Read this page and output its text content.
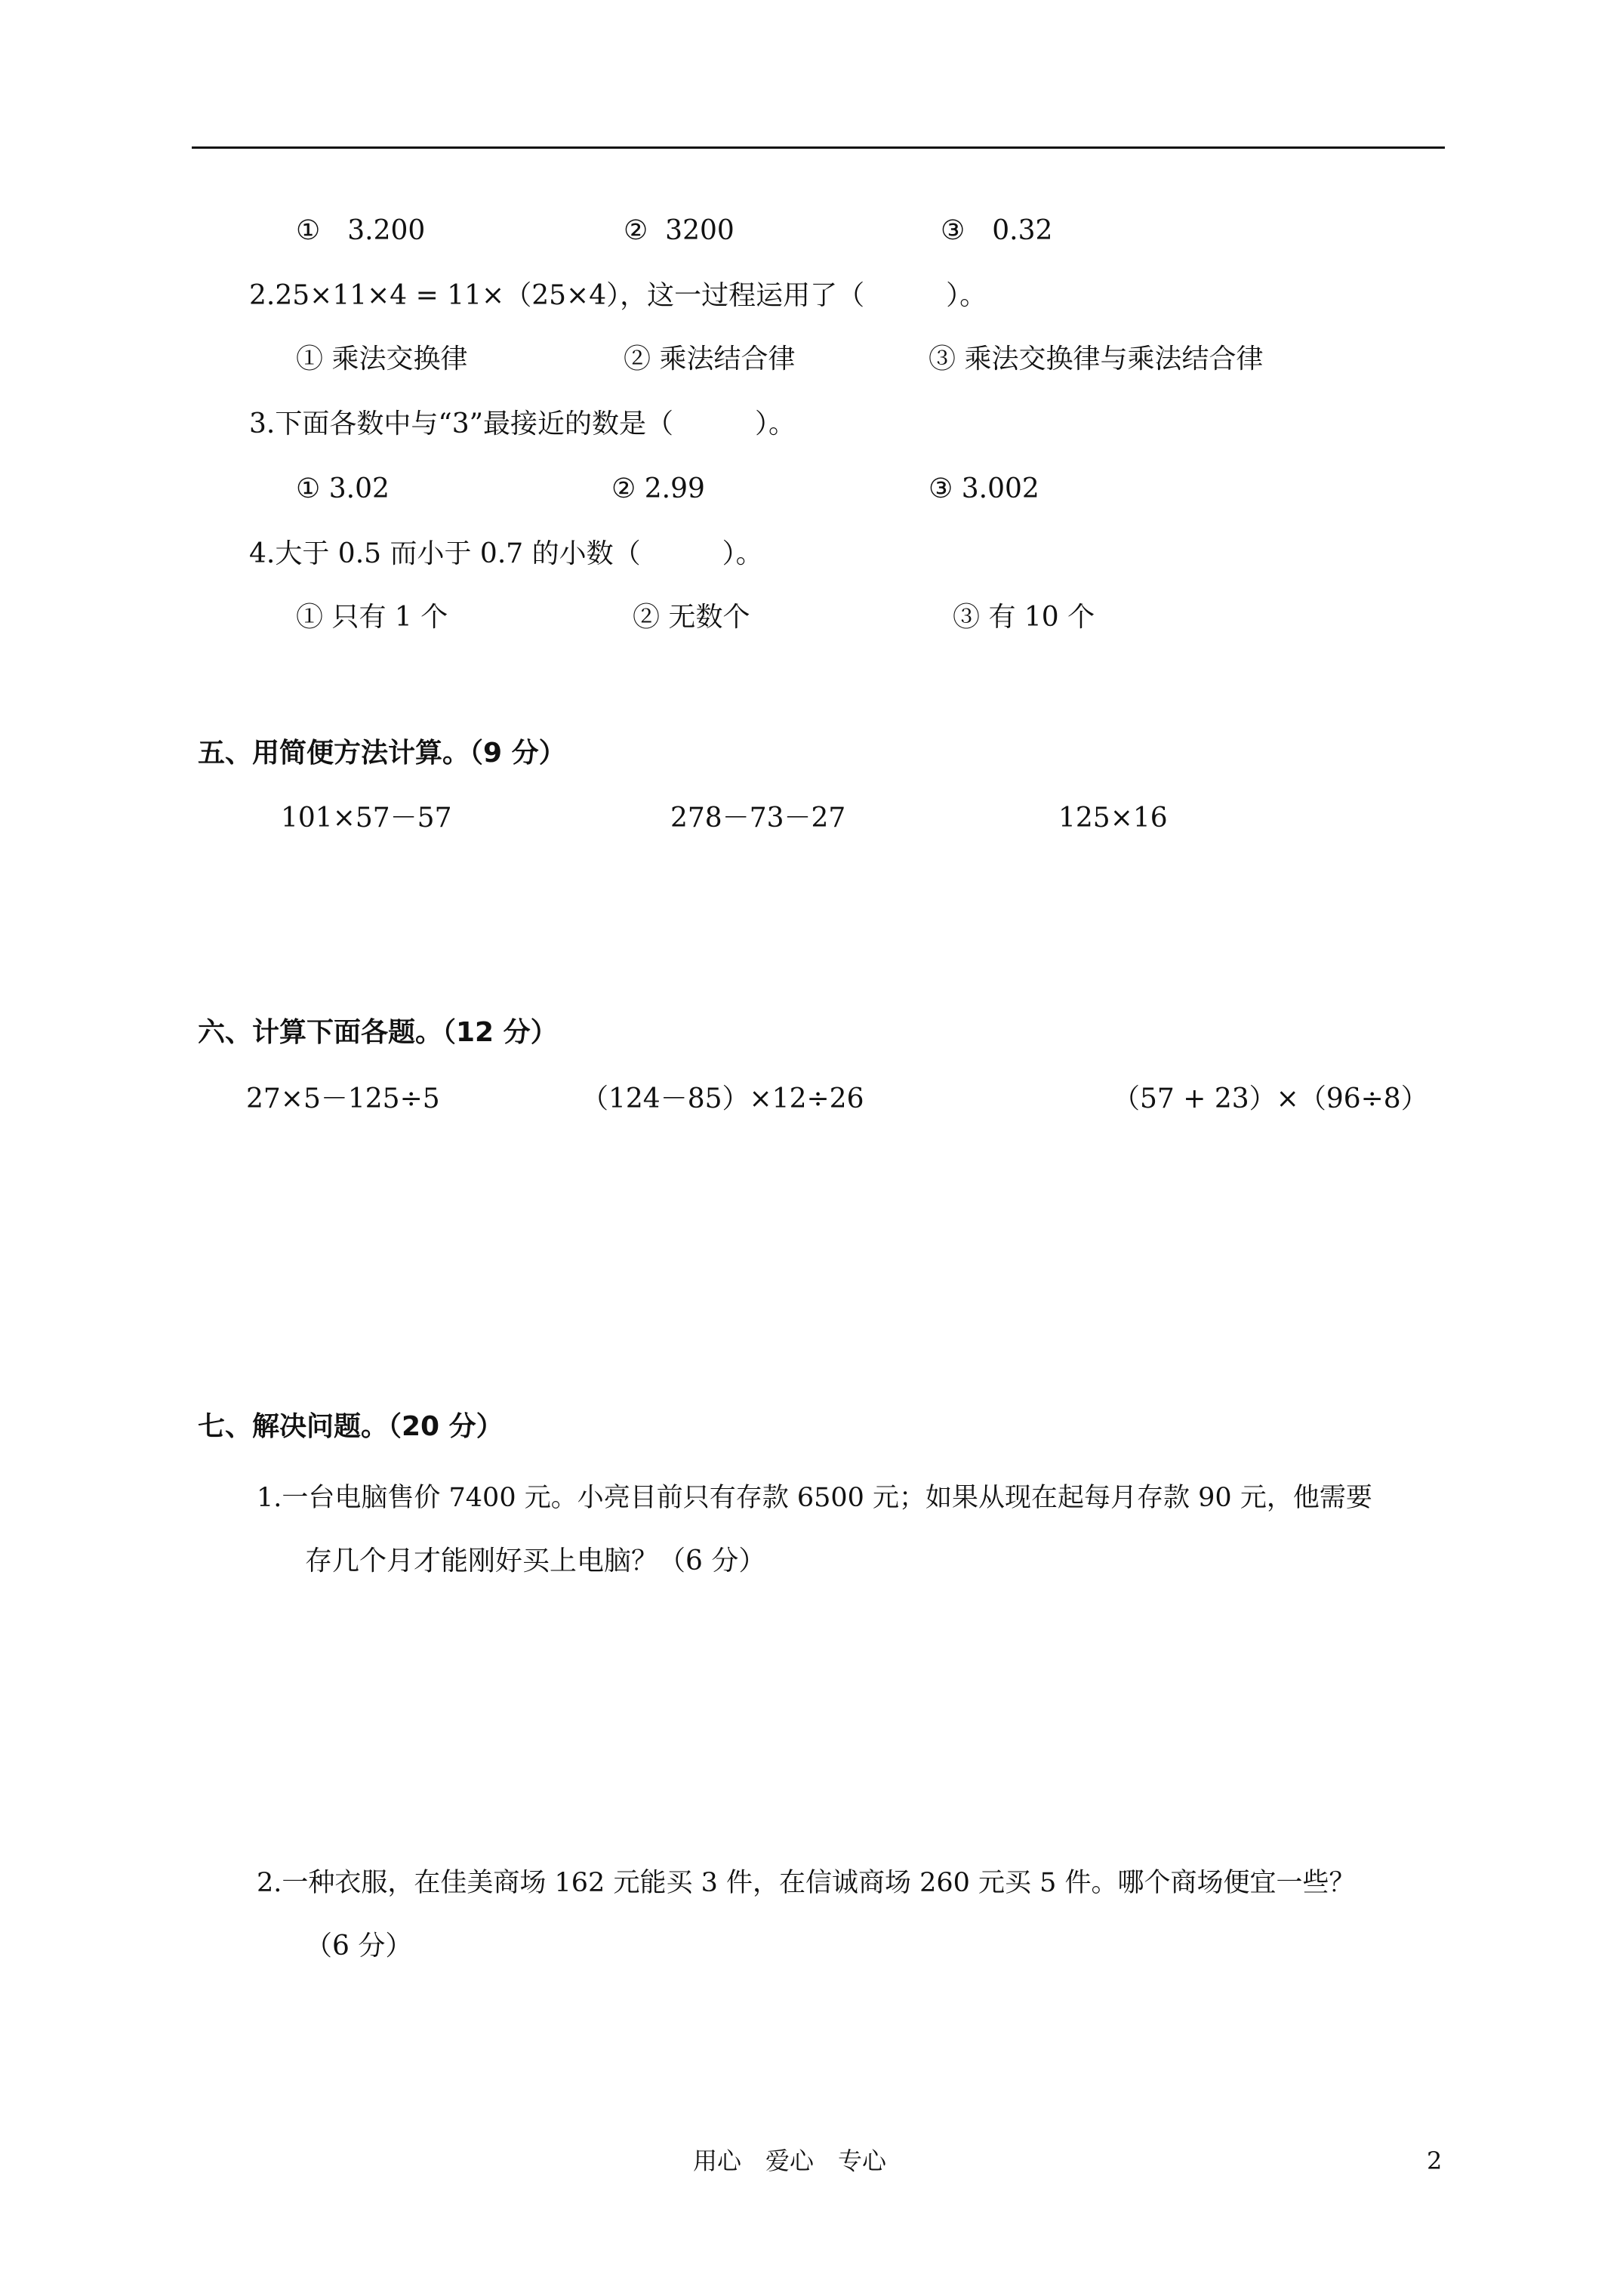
①　3.200	②  3200	③　0.32
2.25×11×4 = 11×（25×4），这一过程运用了（　　　）。
① 乘法交换律	② 乘法结合律	③ 乘法交换律与乘法结合律
3.下面各数中与“3”最接近的数是（　　　）。
① 3.02	② 2.99	③ 3.002
4.大于 0.5 而小于 0.7 的小数（　　　）。
① 只有 1 个	② 无数个	③ 有 10 个
五、用简便方法计算。（9 分）
101×57－57	278－73－27	125×16
六、计算下面各题。（12 分）
27×5－125÷5	（124－85）×12÷26	（57 + 23）×（96÷8）
七、解决问题。（20 分）
1.一台电脑售价 7400 元。小亮目前只有存款 6500 元；如果从现在起每月存款 90 元，他需要
存几个月才能刚好买上电脑？（6 分）
2.一种衣服，在佳美商场 162 元能买 3 件，在信诚商场 260 元买 5 件。哪个商场便宜一些？
（6 分）
用心　爱心　专心	2
